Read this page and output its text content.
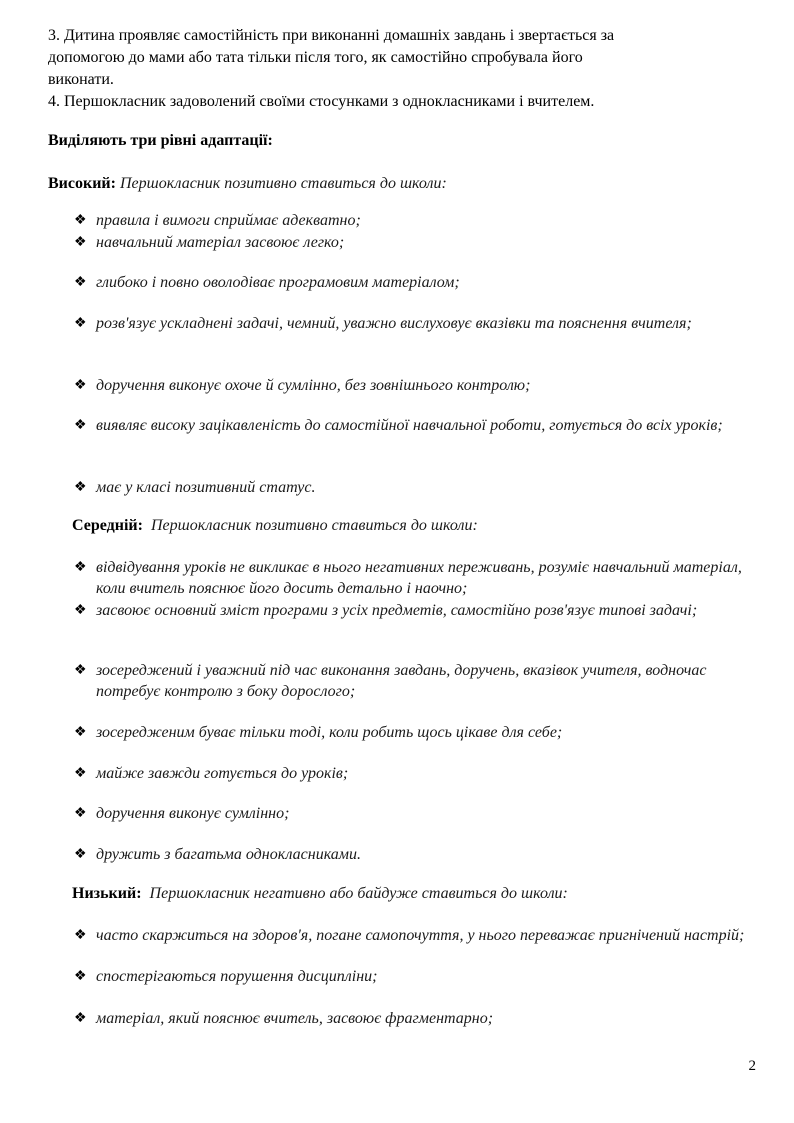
3. Дитина проявляє самостійність при виконанні домашніх завдань і звертається за
допомогою до мами або тата тільки після того, як самостійно спробувала його
виконати.
4. Першокласник задоволений своїми стосунками з однокласниками і вчителем.
Виділяють три рівні адаптації:
Високий: Першокласник позитивно ставиться до школи:
❖ правила і вимоги сприймає адекватно;
❖ навчальний матеріал засвоює легко;
❖ глибоко і повно оволодіває програмовим матеріалом;
❖ розв'язує ускладнені задачі, чемний, уважно вислуховує вказівки та пояснення вчителя;
❖ доручення виконує охоче й сумлінно, без зовнішнього контролю;
❖ виявляє високу зацікавленість до самостійної навчальної роботи, готується до всіх уроків;
❖ має у класі позитивний статус.
Середній: Першокласник позитивно ставиться до школи:
❖ відвідування уроків не викликає в нього негативних переживань, розуміє навчальний матеріал, коли вчитель пояснює його досить детально і наочно;
❖ засвоює основний зміст програми з усіх предметів, самостійно розв'язує типові задачі;
❖ зосереджений і уважний під час виконання завдань, доручень, вказівок учителя, водночас потребує контролю з боку дорослого;
❖ зосередженим буває тільки тоді, коли робить щось цікаве для себе;
❖ майже завжди готується до уроків;
❖ доручення виконує сумлінно;
❖ дружить з багатьма однокласниками.
Низький: Першокласник негативно або байдуже ставиться до школи:
❖ часто скаржиться на здоров'я, погане самопочуття, у нього переважає пригнічений настрій;
❖ спостерігаються порушення дисципліни;
❖ матеріал, який пояснює вчитель, засвоює фрагментарно;
2
